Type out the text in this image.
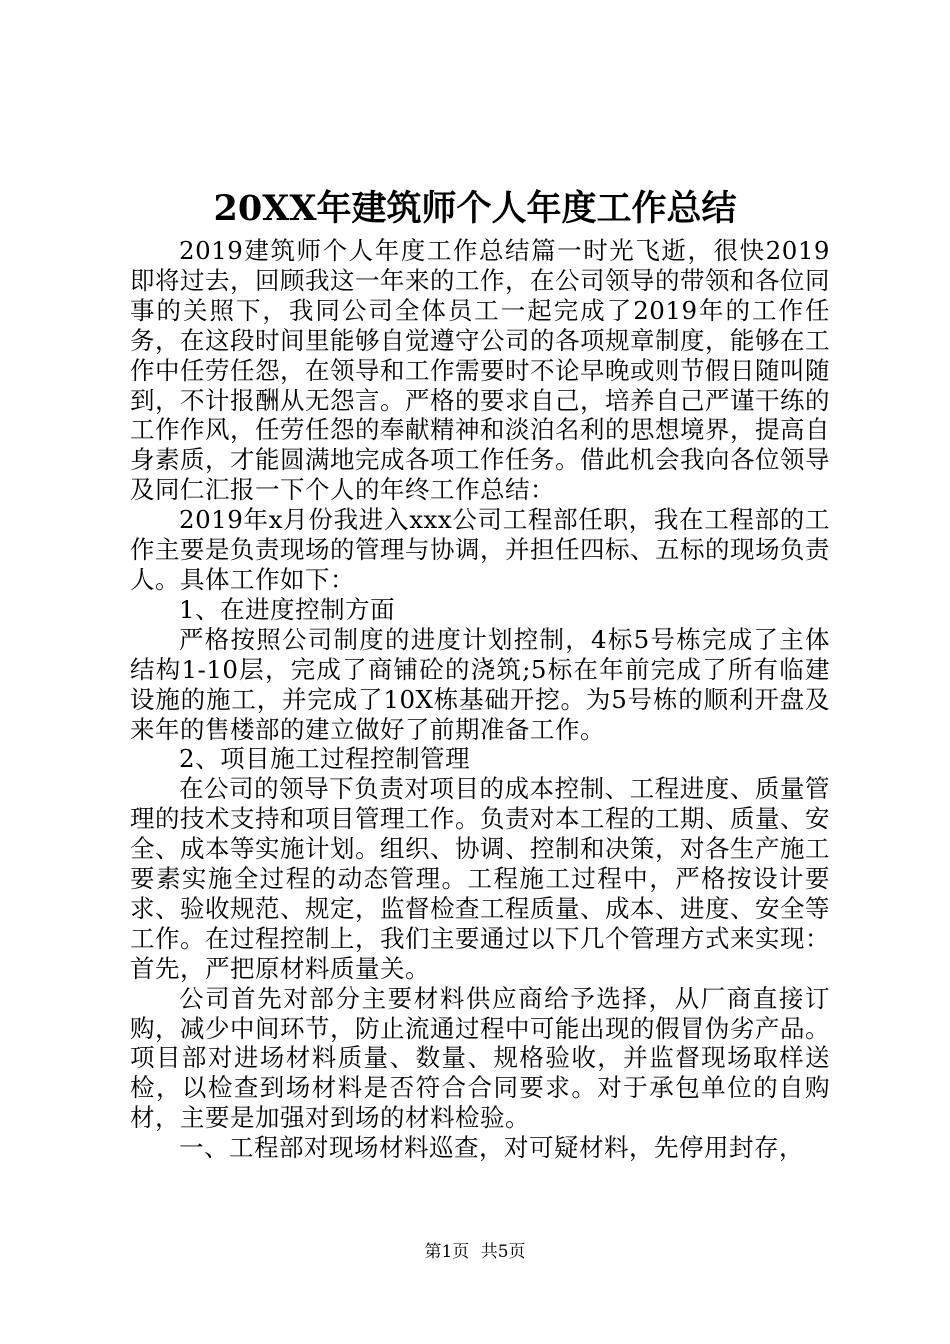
20XX年建筑师个人年度工作总结

2019建筑师个人年度工作总结篇一时光飞逝，很快2019即将过去，回顾我这一年来的工作，在公司领导的带领和各位同事的关照下，我同公司全体员工一起完成了2019年的工作任务，在这段时间里能够自觉遵守公司的各项规章制度，能够在工作中任劳任怨，在领导和工作需要时不论早晚或则节假日随叫随到，不计报酬从无怨言。严格的要求自己，培养自己严谨干练的工作作风，任劳任怨的奉献精神和淡泊名利的思想境界，提高自身素质，才能圆满地完成各项工作任务。借此机会我向各位领导及同仁汇报一下个人的年终工作总结：

2019年x月份我进入xxx公司工程部任职，我在工程部的工作主要是负责现场的管理与协调，并担任四标、五标的现场负责人。具体工作如下：

1、在进度控制方面

严格按照公司制度的进度计划控制，4标5号栋完成了主体结构1-10层，完成了商铺砼的浇筑;5标在年前完成了所有临建设施的施工，并完成了10X栋基础开挖。为5号栋的顺利开盘及来年的售楼部的建立做好了前期准备工作。

2、项目施工过程控制管理

在公司的领导下负责对项目的成本控制、工程进度、质量管理的技术支持和项目管理工作。负责对本工程的工期、质量、安全、成本等实施计划。组织、协调、控制和决策，对各生产施工要素实施全过程的动态管理。工程施工过程中，严格按设计要求、验收规范、规定，监督检查工程质量、成本、进度、安全等工作。在过程控制上，我们主要通过以下几个管理方式来实现：首先，严把原材料质量关。

公司首先对部分主要材料供应商给予选择，从厂商直接订购，减少中间环节，防止流通过程中可能出现的假冒伪劣产品。项目部对进场材料质量、数量、规格验收，并监督现场取样送检，以检查到场材料是否符合合同要求。对于承包单位的自购材，主要是加强对到场的材料检验。

一、工程部对现场材料巡查，对可疑材料，先停用封存，

第1页 共5页
